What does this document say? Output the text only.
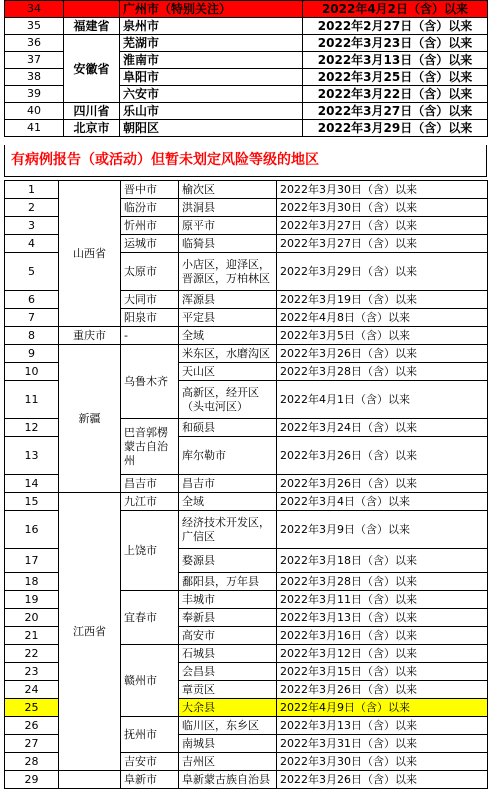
34		广州市（特别关注）	2022年4月2日（含）以来
35	福建省	泉州市	2022年2月27日（含）以来
36	安徽省	芜湖市	2022年3月23日（含）以来
37		淮南市	2022年3月13日（含）以来
38		阜阳市	2022年3月25日（含）以来
39		六安市	2022年3月22日（含）以来
40	四川省	乐山市	2022年3月27日（含）以来
41	北京市	朝阳区	2022年3月29日（含）以来
有病例报告（或活动）但暂未划定风险等级的地区
1	山西省	晋中市	榆次区	2022年3月30日（含）以来
2		临汾市	洪洞县	2022年3月30日（含）以来
3		忻州市	原平市	2022年3月27日（含）以来
4		运城市	临猗县	2022年3月27日（含）以来
5		太原市	小店区，迎泽区，晋源区，万柏林区	2022年3月29日（含）以来
6		大同市	浑源县	2022年3月19日（含）以来
7		阳泉市	平定县	2022年4月8日（含）以来
8	重庆市	-	全域	2022年3月5日（含）以来
9	新疆	乌鲁木齐	米东区，水磨沟区	2022年3月26日（含）以来
10			天山区	2022年3月28日（含）以来
11			高新区，经开区（头屯河区）	2022年4月1日（含）以来
12		巴音郭楞蒙古自治州	和硕县	2022年3月24日（含）以来
13			库尔勒市	2022年3月26日（含）以来
14		昌吉市	昌吉市	2022年3月26日（含）以来
15	江西省	九江市	全域	2022年3月4日（含）以来
16		上饶市	经济技术开发区，广信区	2022年3月9日（含）以来
17			婺源县	2022年3月18日（含）以来
18			鄱阳县，万年县	2022年3月28日（含）以来
19		宜春市	丰城市	2022年3月11日（含）以来
20			奉新县	2022年3月13日（含）以来
21			高安市	2022年3月16日（含）以来
22		赣州市	石城县	2022年3月12日（含）以来
23			会昌县	2022年3月15日（含）以来
24			章贡区	2022年3月26日（含）以来
25			大余县	2022年4月9日（含）以来
26		抚州市	临川区，东乡区	2022年3月13日（含）以来
27			南城县	2022年3月31日（含）以来
28		吉安市	吉州区	2022年3月30日（含）以来
29		阜新市	阜新蒙古族自治县	2022年3月26日（含）以来
